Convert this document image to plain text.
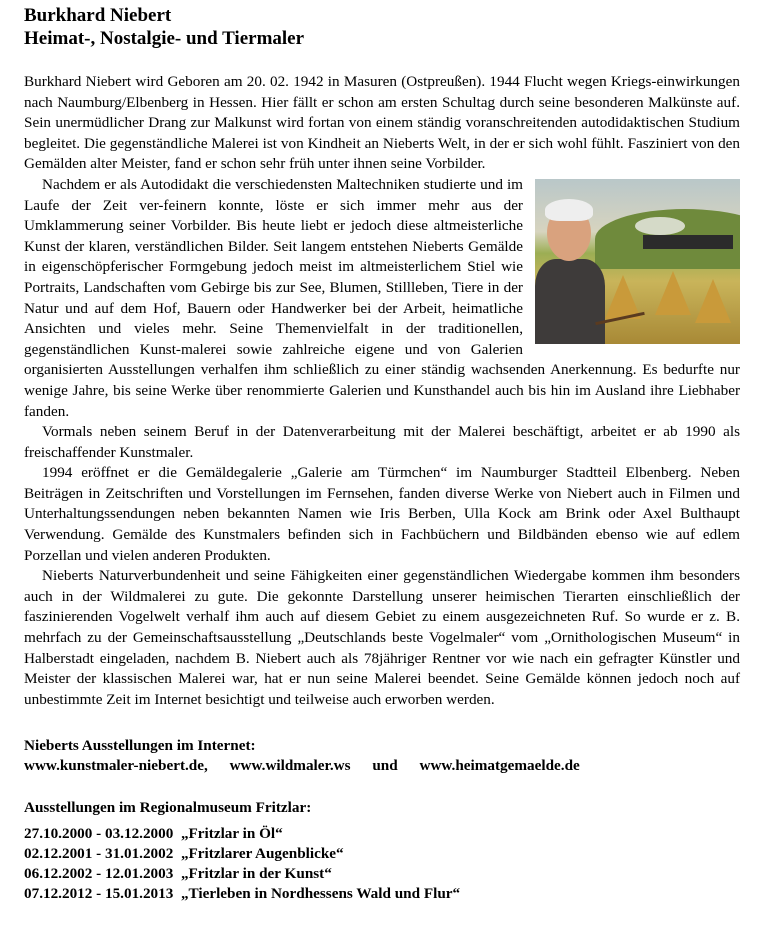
Burkhard Niebert
Heimat-, Nostalgie- und Tiermaler

Burkhard Niebert wird Geboren am 20. 02. 1942 in Masuren (Ostpreußen). 1944 Flucht wegen Kriegs-einwirkungen nach Naumburg/Elbenberg in Hessen. Hier fällt er schon am ersten Schultag durch seine besonderen Malkünste auf. Sein unermüdlicher Drang zur Malkunst wird fortan von einem ständig voranschreitenden autodidaktischen Studium begleitet. Die gegenständliche Malerei ist von Kindheit an Nieberts Welt, in der er sich wohl fühlt. Fasziniert von den Gemälden alter Meister, fand er schon sehr früh unter ihnen seine Vorbilder.

Nachdem er als Autodidakt die verschiedensten Maltechniken studierte und im Laufe der Zeit ver-feinern konnte, löste er sich immer mehr aus der Umklammerung seiner Vorbilder. Bis heute liebt er jedoch diese altmeisterliche Kunst der klaren, verständlichen Bilder. Seit langem entstehen Nieberts Gemälde in eigenschöpferischer Formgebung jedoch meist im altmeisterlichem Stiel wie Portraits, Landschaften vom Gebirge bis zur See, Blumen, Stillleben, Tiere in der Natur und auf dem Hof, Bauern oder Handwerker bei der Arbeit, heimatliche Ansichten und vieles mehr. Seine Themenvielfalt in der traditionellen, gegenständlichen Kunst-malerei sowie zahlreiche eigene und von Galerien organisierten Ausstellungen verhalfen ihm schließlich zu einer ständig wachsenden Anerkennung. Es bedurfte nur wenige Jahre, bis seine Werke über renommierte Galerien und Kunsthandel auch bis hin im Ausland ihre Liebhaber fanden.

Vormals neben seinem Beruf in der Datenverarbeitung mit der Malerei beschäftigt, arbeitet er ab 1990 als freischaffender Kunstmaler.

1994 eröffnet er die Gemäldegalerie „Galerie am Türmchen“ im Naumburger Stadtteil Elbenberg. Neben Beiträgen in Zeitschriften und Vorstellungen im Fernsehen, fanden diverse Werke von Niebert auch in Filmen und Unterhaltungssendungen neben bekannten Namen wie Iris Berben, Ulla Kock am Brink oder Axel Bulthaupt Verwendung. Gemälde des Kunstmalers befinden sich in Fachbüchern und Bildbänden ebenso wie auf edlem Porzellan und vielen anderen Produkten.

Nieberts Naturverbundenheit und seine Fähigkeiten einer gegenständlichen Wiedergabe kommen ihm besonders auch in der Wildmalerei zu gute. Die gekonnte Darstellung unserer heimischen Tierarten einschließlich der faszinierenden Vogelwelt verhalf ihm auch auf diesem Gebiet zu einem ausgezeichneten Ruf. So wurde er z. B. mehrfach zu der Gemeinschaftsausstellung „Deutschlands beste Vogelmaler“ vom „Ornithologischen Museum“ in Halberstadt eingeladen, nachdem B. Niebert auch als 78jähriger Rentner vor wie nach ein gefragter Künstler und Meister der klassischen Malerei war, hat er nun seine Malerei beendet. Seine Gemälde können jedoch noch auf unbestimmte Zeit im Internet besichtigt und teilweise auch erworben werden.

Nieberts Ausstellungen im Internet:
www.kunstmaler-niebert.de, www.wildmaler.ws und www.heimatgemaelde.de
Ausstellungen im Regionalmuseum Fritzlar:
27.10.2000 - 03.12.2000 „Fritzlar in Öl“
02.12.2001 - 31.01.2002 „Fritzlarer Augenblicke“
06.12.2002 - 12.01.2003 „Fritzlar in der Kunst“
07.12.2012 - 15.01.2013 „Tierleben in Nordhessens Wald und Flur“
